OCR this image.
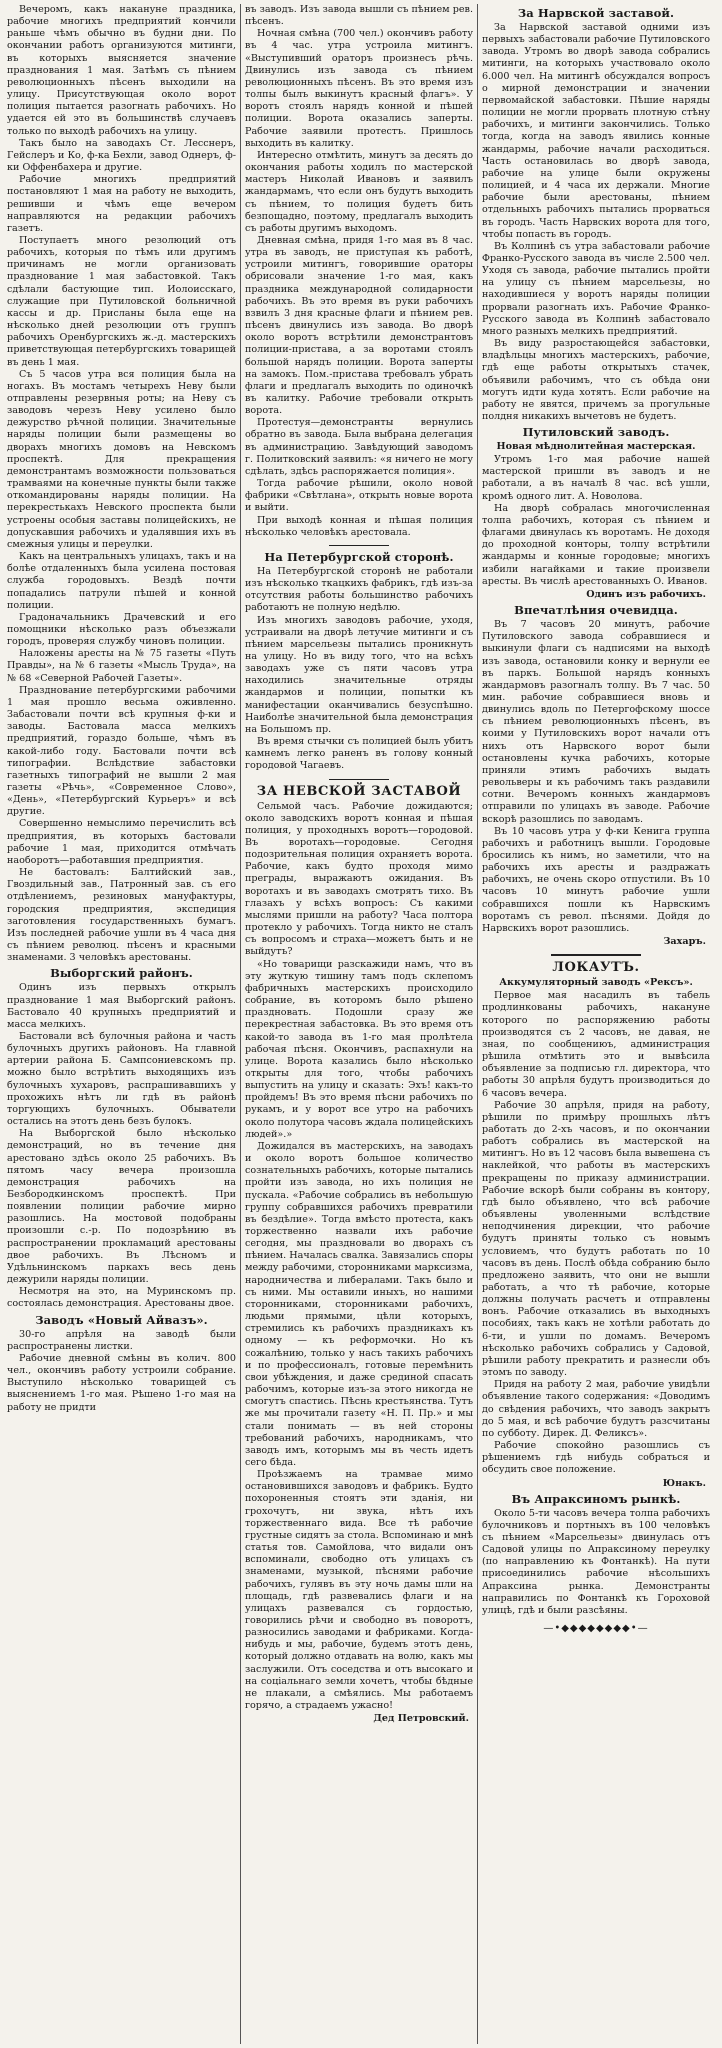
Вечеромъ, какъ накануне праздника, рабочие многихъ предприятий кончили раньше чѣмъ обычно въ будни дни. По окончании работъ организуются митинги, въ которыхъ выясняется значение празднования 1 мая. Затѣмъ съ пѣнием революционныхъ пѣсенъ выходили на улицу. Присутствующая около ворот полиция пытается разогнать рабочихъ. Но удается ей это въ большинствѣ случаевъ только по выходѣ рабочихъ на улицу.

Такъ было на заводахъ Ст. Лесснеръ, Гейслеръ и Ко, ф-ка Бехли, завод Однеръ, ф-ки Оффенбахера и другие.

Рабочие многихъ предприятий постановляют 1 мая на работу не выходить, решивши и чѣмъ еще вечером направляются на редакции рабочихъ газетъ.

Поступаетъ много резолюций отъ рабочихъ, которыя по тѣмъ или другимъ причинамъ не могли организовать празднование 1 мая забастовкой. Такъ сдѣлали бастующие тип. Иолоисскаго, служащие при Путиловской больничной кассы и др. Присланы была еще на нѣсколько дней резолюции отъ группъ рабочихъ Оренбургскихъ ж.-д. мастерскихъ приветствующая петербургскихъ товарищей въ день 1 мая.

Съ 5 часов утра вся полиция была на ногахъ. Въ мостамъ четырехъ Неву были отправлены резервныя роты; на Неву съ заводовъ черезъ Неву усилено было дежурство рѣчной полиции. Значительные наряды полиции были размещены во дворахъ многихъ домовъ на Невскомъ проспектѣ. Для прекращения демонстрантамъ возможности пользоваться трамваями на конечные пункты были также откомандированы наряды полиции. На перекрестькахъ Невского проспекта были устроены особыя заставы полицейскихъ, не допускавшия рабочихъ и удалявшия ихъ въ смежныя улицы и переулки.

Какъ на центральныхъ улицахъ, такъ и на болѣе отдаленныхъ была усилена постовая служба городовыхъ. Вездѣ почти попадались патрули пѣшей и конной полиции.

Градоначальникъ Драчевский и его помощники нѣсколько разъ объезжали городъ, проверяя службу чиновъ полиции.

Наложены аресты на № 75 газеты «Путь Правды», на № 6 газеты «Мысль Труда», на № 68 «Северной Рабочей Газеты».

Празднование петербургскими рабочими 1 мая прошло весьма оживленно. Забастовали почти всѣ крупныя ф-ки и заводы. Бастовала масса мелкихъ предприятий, гораздо больше, чѣмъ въ какой-либо году. Бастовали почти всѣ типографии. Вслѣдствие забастовки газетныхъ типографий не вышли 2 мая газеты «Рѣчь», «Современное Слово», «День», «Петербургский Курьеръ» и всѣ другие.

Совершенно немыслимо перечислить всѣ предприятия, въ которыхъ бастовали рабочие 1 мая, приходится отмѣчать наоборотъ—работавшия предприятия.

Не бастовалъ: Балтийский зав., Гвоздильный зав., Патронный зав. съ его отдѣлениемъ, резиновых мануфактуры, городския предприятия, экспедиция заготовления государственныхъ бумагъ. Изъ последней рабочие ушли въ 4 часа дня съ пѣнием революц. пѣсенъ и красными знаменами. 3 человѣкъ арестованы.

Выборгский районъ.

Одинъ изъ первыхъ открылъ празднование 1 мая Выборгский районъ. Бастовало 40 крупныхъ предприятий и масса мелкихъ.

Бастовали всѣ булочныя района и часть булочныхъ другихъ районовъ. На главной артерии района Б. Сампсониевскомъ пр. можно было встрѣтить выходящихъ изъ булочныхъ хухаровъ, распрашивавшихъ у прохожихъ нѣтъ ли гдѣ въ районѣ торгующихъ булочныхъ. Обыватели остались на этотъ день безъ булокъ.

На Выборгской было нѣсколько демонстраций, но въ течение дня арестовано здѣсь около 25 рабочихъ. Въ пятомъ часу вечера произошла демонстрация рабочихъ на Безбородкинскомъ проспектѣ. При появлении полиции рабочие мирно разошлись. На мостовой подобраны произошли с.-р. По подозрѣнию въ распространении прокламаций арестованы двое рабочихъ. Въ Лѣсномъ и Удѣльнинскомъ паркахъ весь день дежурили наряды полиции.

Несмотря на это, на Муринскомъ пр. состоялась демонстрация. Арестованы двое.

Заводъ «Новый Айвазъ».

30-го апрѣля на заводѣ были распространены листки.

Рабочие дневной смѣны въ колич. 800 чел., окончивъ работу устроили собрание. Выступило нѣсколько товарищей съ выяснениемъ 1-го мая. Рѣшено 1-го мая на работу не придти

въ заводъ. Изъ завода вышли съ пѣнием рев. пѣсенъ.

Ночная смѣна (700 чел.) окончивъ работу въ 4 час. утра устроила митингъ. «Выступивший ораторъ произнесъ рѣчь. Двинулись изъ завода съ пѣнием революционныхъ пѣсенъ. Въ это время изъ толпы былъ выкинутъ красный флагъ». У воротъ стоялъ нарядъ конной и пѣшей полиции. Ворота оказались заперты. Рабочие заявили протестъ. Пришлось выходить въ калитку.

Интересно отмѣтить, минутъ за десять до окончания работы ходилъ по мастерской мастеръ Николай Ивановъ и заявилъ жандармамъ, что если онъ будутъ выходить съ пѣнием, то полиция будетъ бить безпощадно, поэтому, предлагалъ выходить съ работы другимъ выходомъ.

Дневная смѣна, придя 1-го мая въ 8 час. утра въ заводъ, не приступая къ работѣ, устроили митингъ, говорившие ораторы обрисовали значение 1-го мая, какъ праздника международной солидарности рабочихъ. Въ это время въ руки рабочихъ взвилъ 3 дня красные флаги и пѣнием рев. пѣсенъ двинулись изъ завода. Во дворѣ около воротъ встрѣтили демонстрантовъ полиции-пристава, а за воротами стоялъ большой нарядъ полиции. Ворота заперты на замокъ. Пом.-пристава требовалъ убрать флаги и предлагалъ выходить по одиночкѣ въ калитку. Рабочие требовали открыть ворота.

Протестуя—демонстранты вернулись обратно въ завода. Была выбрана делегация въ администрацию. Завѣдующий заводомъ г. Политковский заявилъ: «я ничего не могу сдѣлать, здѣсь распоряжается полиция».

Тогда рабочие рѣшили, около новой фабрики «Свѣтлана», открыть новые ворота и выйти.

При выходѣ конная и пѣшая полиция нѣсколько человѣкъ арестовала.

На Петербургской сторонѣ.

На Петербургской сторонѣ не работали изъ нѣсколько ткацкихъ фабрикъ, гдѣ изъ-за отсутствия работы большинство рабочихъ работаютъ не полную недѣлю.

Изъ многихъ заводовъ рабочие, уходя, устраивали на дворѣ летучие митинги и съ пѣнием марсельезы пытались проникнуть на улицу. Но въ виду того, что на всѣхъ заводахъ уже съ пяти часовъ утра находились значительные отряды жандармов и полиции, попытки къ манифестации оканчивались безуспѣшно. Наиболѣе значительной была демонстрация на Большомъ пр.

Въ время стычки съ полицией былъ убитъ камнемъ легко раненъ въ голову конный городовой Чагаевъ.

ЗА НЕВСКОЙ ЗАСТАВОЙ

Сельмой часъ. Рабочие дожидаются; около заводскихъ воротъ конная и пѣшая полиция, у проходныхъ воротъ—городовой. Въ воротахъ—городовые. Сегодня подозрительная полиция охраняетъ ворота. Рабочие, какъ будто проходя мимо преграды, выражаютъ ожидания. Въ воротахъ и въ заводахъ смотрятъ тихо. Въ глазахъ у всѣхъ вопросъ: Съ какими мыслями пришли на работу? Часа полтора протекло у рабочихъ. Тогда никто не сталъ съ вопросомъ и страха—можетъ быть и не выйдутъ?

«Но товарищи разскажиди намъ, что въ эту жуткую тишину тамъ подъ склепомъ фабричныхъ мастерскихъ происходило собрание, въ которомъ было рѣшено праздновать. Подошли сразу же перекрестная забастовка. Въ это время отъ какой-то завода въ 1-го мая пролѣтела рабочая пѣсня. Окончивъ, распахнули на улице. Ворота казались было нѣсколько открыты для того, чтобы рабочихъ выпустить на улицу и сказать: Эхъ! какъ-то пройдемъ! Въ это время пѣсни рабочихъ по рукамъ, и у ворот все утро на рабочихъ около полутора часовъ ждала полицейскихъ людей».»

Дожидался въ мастерскихъ, на заводахъ и около воротъ большое количество сознательныхъ рабочихъ, которые пытались пройти изъ завода, но ихъ полиция не пускала. «Рабочие собрались въ небольшую группу собравшихся рабочихъ превратили въ бездѣлие». Тогда вмѣсто протеста, какъ торжественно назвали ихъ рабочие сегодня, мы праздновали во дворахъ съ пѣнием. Началась свалка. Завязались споры между рабочими, сторонниками марксизма, народничества и либералами. Такъ было и съ ними. Мы оставили иныхъ, но нашими сторонниками, сторонниками рабочихъ, людьми прямыми, цѣли которыхъ, стремились къ рабочихъ праздникахъ къ одному — къ реформочки. Но къ сожалѣнию, только у насъ такихъ рабочихъ и по профессионалъ, готовые перемѣнить свои убѣждения, и даже срединой спасать рабочимъ, которые изъ-за этого никогда не смогутъ спастись. Пѣснь крестьянства. Тутъ же мы прочитали газету «Н. П. Пр.» и мы стали понимать — въ ней стороны требований рабочихъ, народникамъ, что заводъ имъ, которымъ мы въ честь идетъ сего бѣда.

Проѣзжаемъ на трамвае мимо остановившихся заводовъ и фабрикъ. Будто похороненныя стоятъ эти зданія, ни грохочутъ, ни звука, нѣтъ ихъ торжественнаго вида. Все тѣ рабочие грустные сидятъ за стола. Вспоминаю и мнѣ статья тов. Самойлова, что видали онъ вспоминали, свободно отъ улицахъ съ знаменами, музыкой, пѣснями рабочие рабочихъ, гулявъ въ эту ночь дамы шли на площадь, гдѣ развевались флаги и на улицахъ развевался съ гордостью, говорились рѣчи и свободно въ поворотъ, разносились заводами и фабриками. Когда-нибудь и мы, рабочие, будемъ этотъ день, который должно отдавать на волю, какъ мы заслужили. Отъ соседства и отъ высокаго и на соціальнаго земли хочетъ, чтобы бѣдные не плакали, а смѣялись. Мы работаемъ горячо, а страдаемъ ужасно!

Дед Петровский.

За Нарвской заставой.

За Нарвской заставой одними изъ первыхъ забастовали рабочие Путиловского завода. Утромъ во дворѣ завода собрались митинги, на которыхъ участвовало около 6.000 чел. На митингѣ обсуждался вопросъ о мирной демонстрации и значении первомайской забастовки. Пѣшие наряды полиции не могли прорвать плотную стѣну рабочихъ, и митинги закончились. Только тогда, когда на заводъ явились конные жандармы, рабочие начали расходиться. Часть остановилась во дворѣ завода, рабочие на улице были окружены полицией, и 4 часа их держали. Многие рабочие были арестованы, пѣнием отдельныхъ рабочихъ пытались прорваться въ городъ. Часть Нарвских ворота для того, чтобы попасть въ городъ.

Въ Колпинѣ съ утра забастовали рабочие Франко-Русского завода въ числе 2.500 чел. Уходя съ завода, рабочие пытались пройти на улицу съ пѣнием марсельезы, но находившиеся у воротъ наряды полиции прорвали разогнать ихъ. Рабочие Франко-Русского завода въ Колпинѣ забастовало много разныхъ мелкихъ предприятий.

Въ виду разростающейся забастовки, владѣльцы многихъ мастерскихъ, рабочие, гдѣ еще работы открытыхъ стачек, объявили рабочимъ, что съ обѣда они могутъ идти куда хотятъ. Если рабочие на работу не явятся, причемъ за прогульные полдня никакихъ вычетовъ не будетъ.

Путиловский заводъ.
Новая мѣднолитейная мастерская.

Утромъ 1-го мая рабочие нашей мастерской пришли въ заводъ и не работали, а въ началѣ 8 час. всѣ ушли, кромѣ одного лит. А. Новолова.

На дворѣ собралась многочисленная толпа рабочихъ, которая съ пѣнием и флагами двинулась къ воротамъ. Не доходя до проходной конторы, толпу встрѣтили жандармы и конные городовые; многихъ избили нагайками и такие произвели аресты. Въ числѣ арестованныхъ О. Иванов.

Одинъ изъ рабочихъ.

Впечатлѣния очевидца.

Въ 7 часовъ 20 минутъ, рабочие Путиловского завода собравшиеся и выкинули флаги съ надписями на выходѣ изъ завода, остановили конку и вернули ее въ паркъ. Большой нарядъ конныхъ жандармовъ разогналъ толпу. Въ 7 час. 50 мин. рабочие собравшиеся вновь и двинулись вдоль по Петергофскому шоссе съ пѣнием революционныхъ пѣсенъ, въ коими у Путиловскихъ ворот начали отъ нихъ отъ Нарвского ворот были остановлены кучка рабочихъ, которые приняли этимъ рабочихъ выдать револьверы и къ рабочимъ такъ раздавили сотни. Вечеромъ конныхъ жандармовъ отправили по улицахъ въ заводе. Рабочие вскорѣ разошлись по заводамъ.

Въ 10 часовъ утра у ф-ки Кенига группа рабочихъ и работницъ вышли. Городовые бросились къ нимъ, но заметили, что на рабочихъ ихъ аресты и раздражать рабочихъ, не очень скоро отпустили. Въ 10 часовъ 10 минутъ рабочие ушли собравшихся пошли къ Нарвскимъ воротамъ съ револ. пѣснями. Дойдя до Нарвскихъ ворот разошлись.

Захаръ.

ЛОКАУТЪ.
Аккумуляторный заводъ «Рексъ».

Первое мая насадилъ въ табель продлинкованы рабочихъ, накануне которого по распоряжению работы производятся съ 2 часовъ, не давая, не зная, по сообщениюъ, администрация рѣшила отмѣтить это и вывѣсила объявление за подписью гл. директора, что работы 30 апрѣля будутъ производиться до 6 часовъ вечера.

Рабочие 30 апрѣля, придя на работу, рѣшили по примѣру прошлыхъ лѣтъ работать до 2-хъ часовъ, и по окончании работъ собрались въ мастерской на митингъ. Но въ 12 часовъ была вывешена съ наклейкой, что работы въ мастерскихъ прекращены по приказу администрации. Рабочие вскорѣ были собраны въ контору, гдѣ было объявлено, что всѣ рабочие объявлены уволенными вслѣдствие неподчинения дирекции, что рабочие будутъ приняты только съ новымъ условиемъ, что будутъ работать по 10 часовъ въ день. Послѣ обѣда собранию было предложено заявить, что они не вышли работать, а что тѣ рабочие, которые должны получать расчетъ и отправлены вонъ. Рабочие отказались въ выходныхъ пособиях, такъ какъ не хотѣли работать до 6-ти, и ушли по домамъ. Вечеромъ нѣсколько рабочихъ собрались у Садовой, рѣшили работу прекратить и разнесли объ этомъ по заводу.

Придя на работу 2 мая, рабочие увидѣли объявление такого содержания: «Доводимъ до свѣдения рабочихъ, что заводъ закрытъ до 5 мая, и всѣ рабочие будутъ разсчитаны по субботу. Дирек. Д. Феликсъ».

Рабочие спокойно разошлись съ рѣшениемъ гдѣ нибудь собраться и обсудить свое положение.

Юнакъ.

Въ Апраксиномъ рынкѣ.

Около 5-ти часовъ вечера толпа рабочихъ булочниковъ и портныхъ въ 100 человѣкъ съ пѣнием «Марсельезы» двинулась отъ Садовой улицы по Апраксиному переулку (по направлению къ Фонтанкѣ). На пути присоединились рабочие нѣсольшихъ Апраксина рынка. Демонстранты направились по Фонтанкѣ къ Гороховой улицѣ, гдѣ и были разсѣяны.

—•◆◆◆◆◆◆◆◆•—
